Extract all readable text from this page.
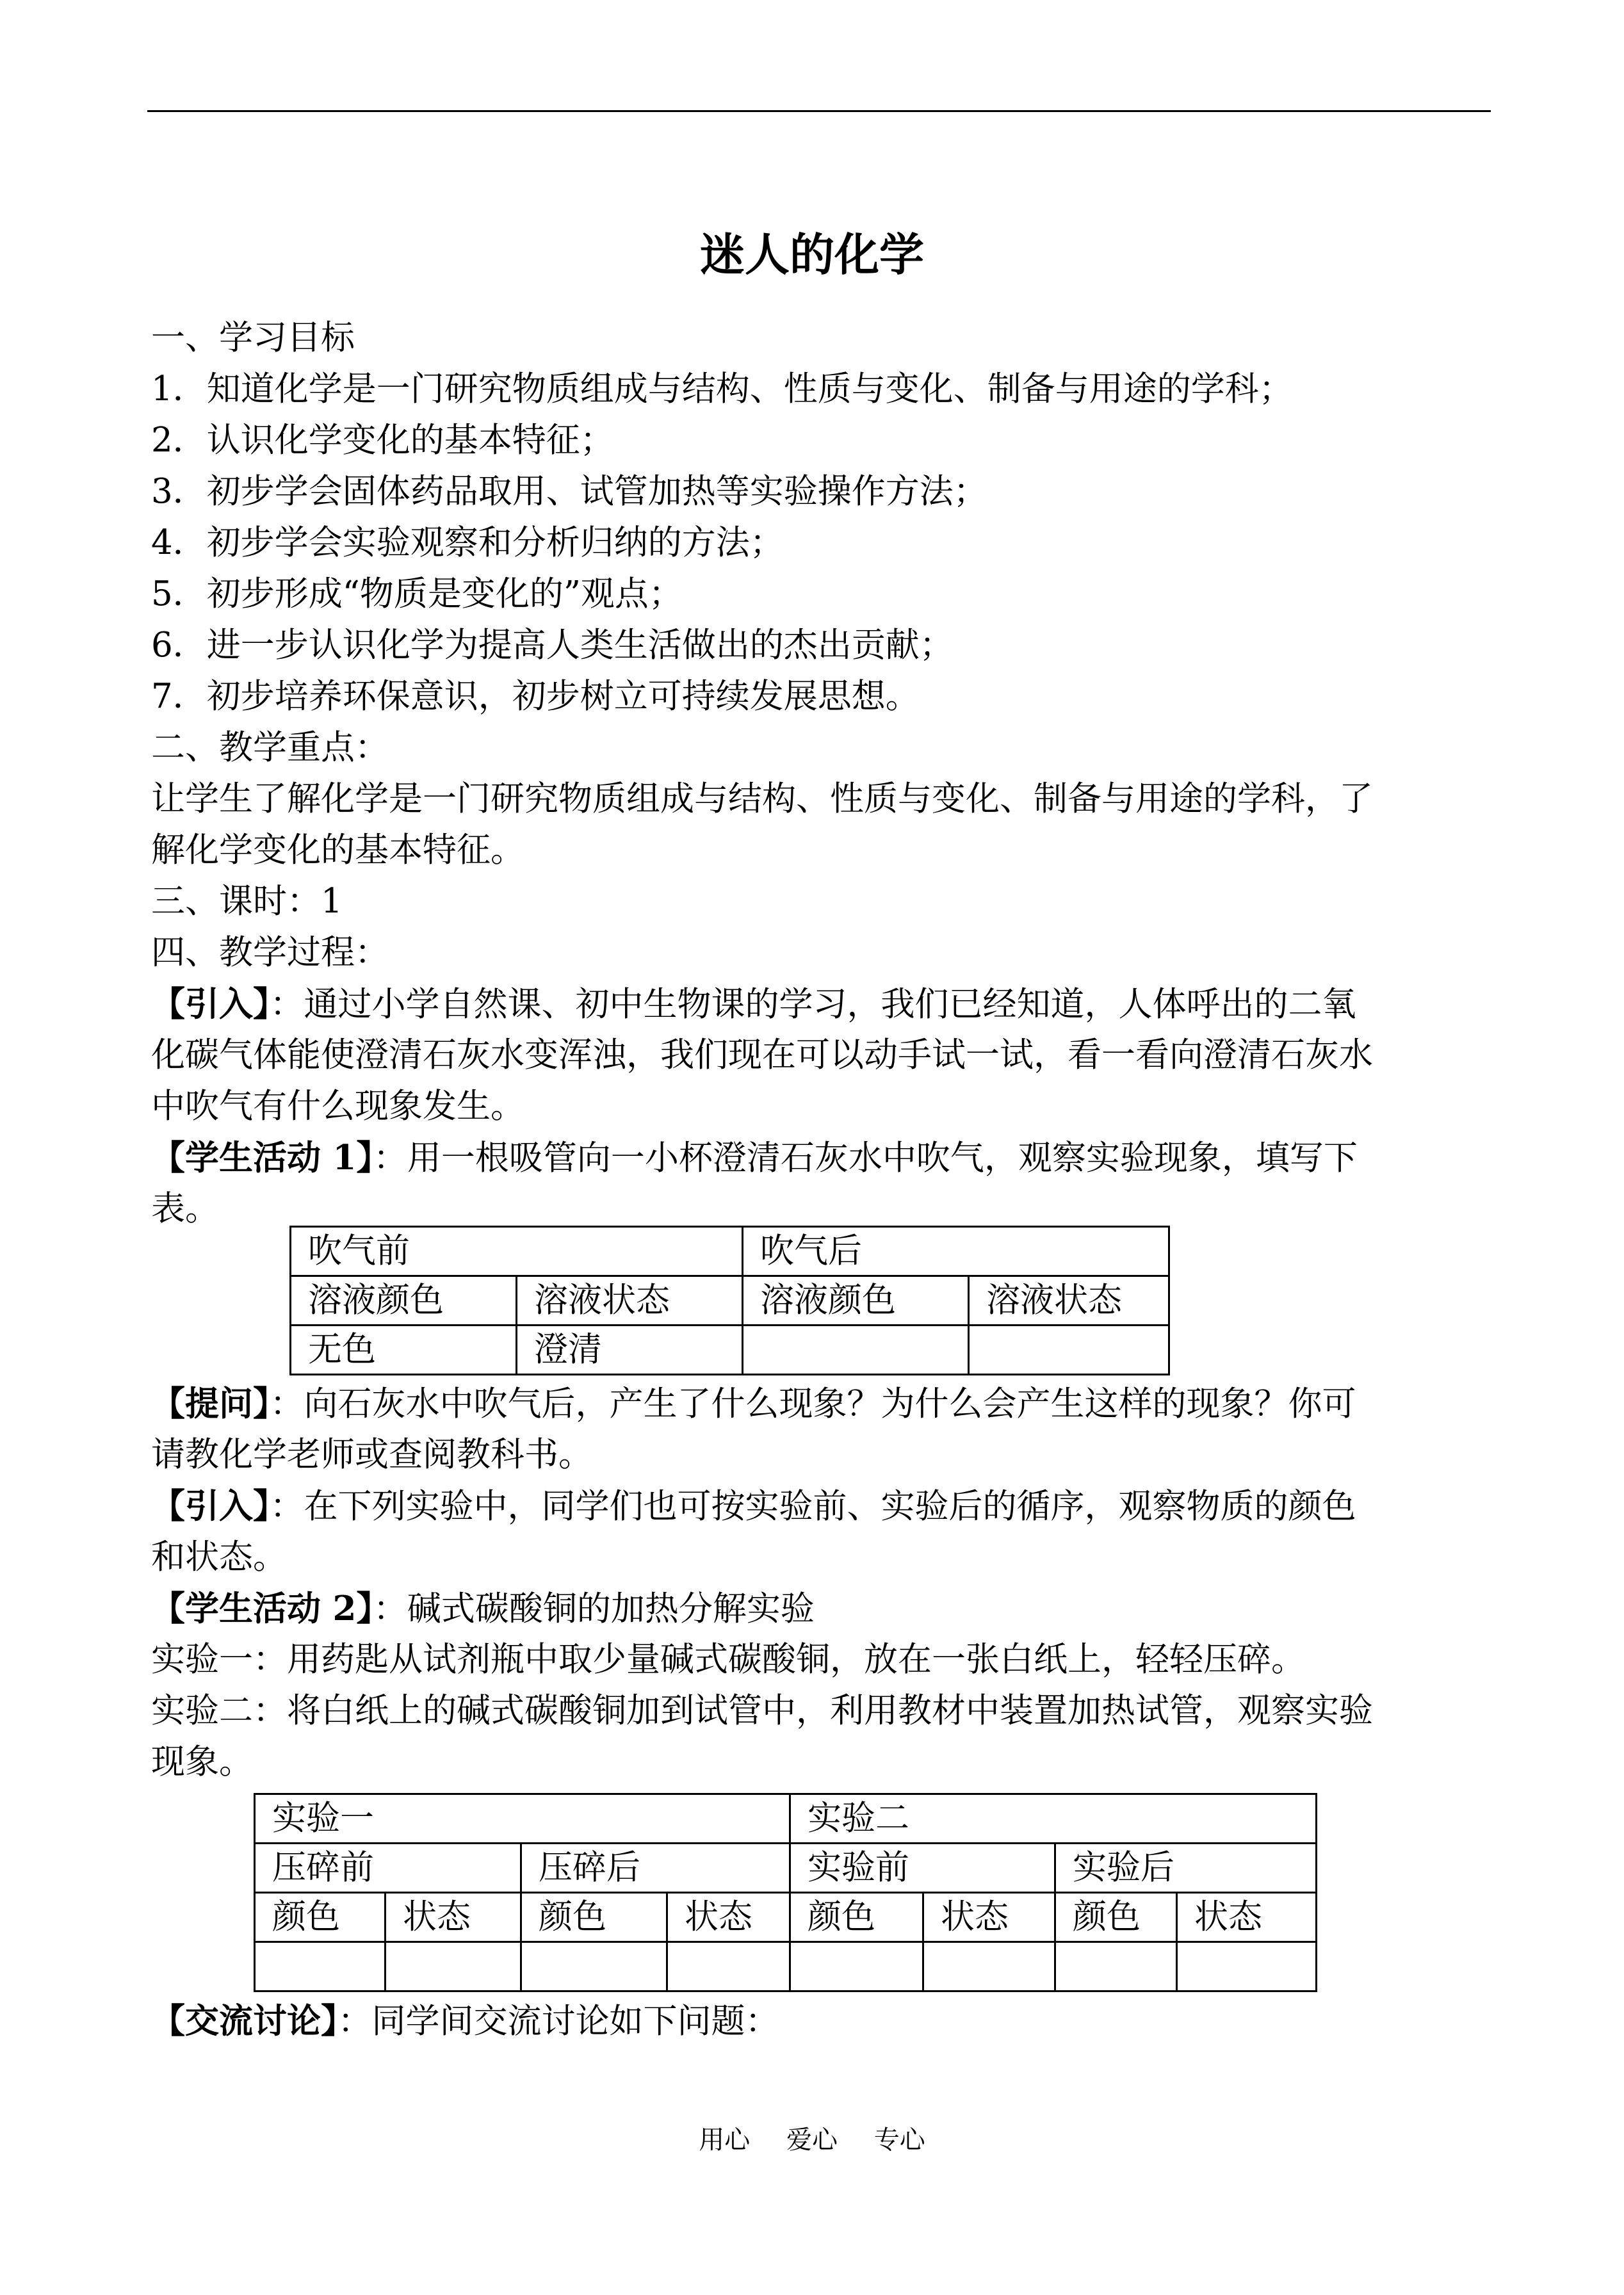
迷人的化学
一、学习目标
1．知道化学是一门研究物质组成与结构、性质与变化、制备与用途的学科；
2．认识化学变化的基本特征；
3．初步学会固体药品取用、试管加热等实验操作方法；
4．初步学会实验观察和分析归纳的方法；
5．初步形成“物质是变化的”观点；
6．进一步认识化学为提高人类生活做出的杰出贡献；
7．初步培养环保意识，初步树立可持续发展思想。
二、教学重点：
让学生了解化学是一门研究物质组成与结构、性质与变化、制备与用途的学科，了
解化学变化的基本特征。
三、课时：1
四、教学过程：
【引入】：通过小学自然课、初中生物课的学习，我们已经知道，人体呼出的二氧
化碳气体能使澄清石灰水变浑浊，我们现在可以动手试一试，看一看向澄清石灰水
中吹气有什么现象发生。
【学生活动 1】：用一根吸管向一小杯澄清石灰水中吹气，观察实验现象，填写下
表。
吹气前		吹气后	
溶液颜色	溶液状态	溶液颜色	溶液状态
无色	澄清		
【提问】：向石灰水中吹气后，产生了什么现象？为什么会产生这样的现象？你可
请教化学老师或查阅教科书。
【引入】：在下列实验中，同学们也可按实验前、实验后的循序，观察物质的颜色
和状态。
【学生活动 2】：碱式碳酸铜的加热分解实验
实验一：用药匙从试剂瓶中取少量碱式碳酸铜，放在一张白纸上，轻轻压碎。
实验二：将白纸上的碱式碳酸铜加到试管中，利用教材中装置加热试管，观察实验
现象。
实验一				实验二			
压碎前		压碎后		实验前		实验后	
颜色	状态	颜色	状态	颜色	状态	颜色	状态

【交流讨论】：同学间交流讨论如下问题：
用心 爱心 专心
